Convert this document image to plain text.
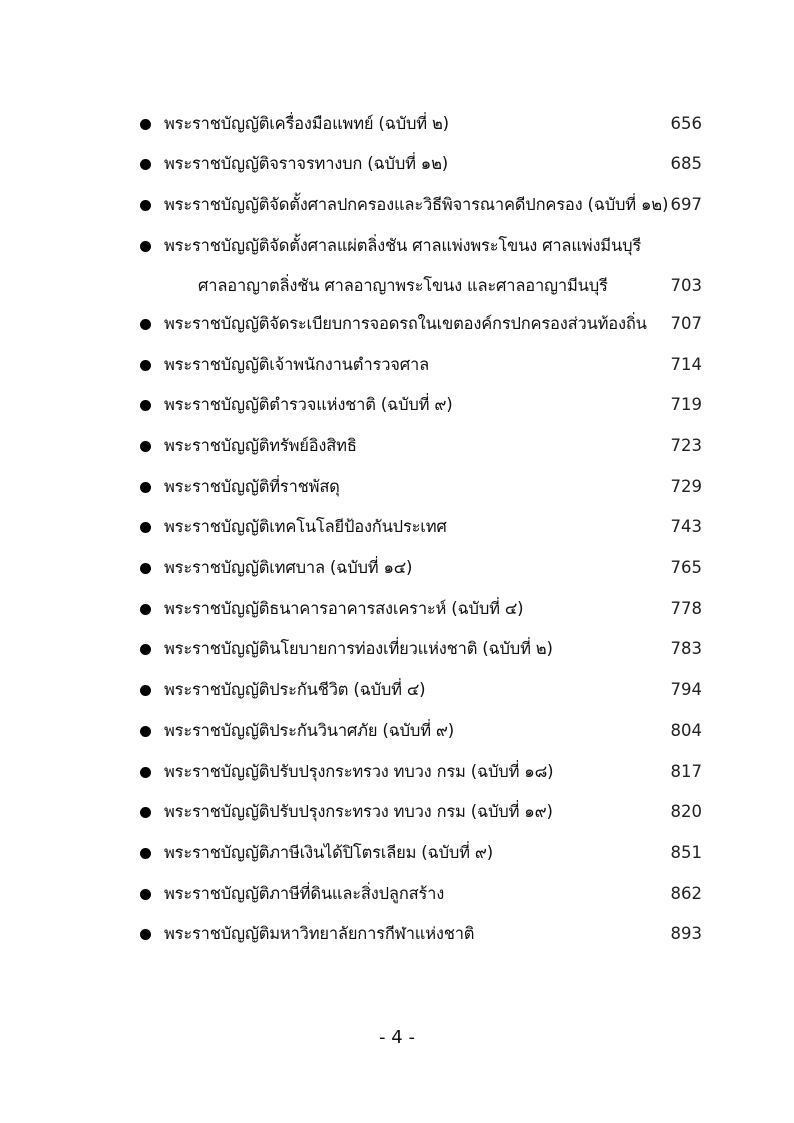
พระราชบัญญัติเครื่องมือแพทย์ (ฉบับที่ ๒)	656
พระราชบัญญัติจราจรทางบก (ฉบับที่ ๑๒)	685
พระราชบัญญัติจัดตั้งศาลปกครองและวิธีพิจารณาคดีปกครอง (ฉบับที่ ๑๒) 697
พระราชบัญญัติจัดตั้งศาลแผ่ตลิ่งชัน ศาลแพ่งพระโขนง ศาลแพ่งมีนบุรี
ศาลอาญาตลิ่งชัน ศาลอาญาพระโขนง และศาลอาญามีนบุรี	703
พระราชบัญญัติจัดระเบียบการจอดรถในเขตองค์กรปกครองส่วนท้องถิ่น 707
พระราชบัญญัติเจ้าพนักงานตำรวจศาล	714
พระราชบัญญัติตำรวจแห่งชาติ (ฉบับที่ ๙)	719
พระราชบัญญัติทรัพย์อิงสิทธิ	723
พระราชบัญญัติที่ราชพัสดุ	729
พระราชบัญญัติเทคโนโลยีป้องกันประเทศ	743
พระราชบัญญัติเทศบาล (ฉบับที่ ๑๔)	765
พระราชบัญญัติธนาคารอาคารสงเคราะห์ (ฉบับที่ ๔)	778
พระราชบัญญัตินโยบายการท่องเที่ยวแห่งชาติ (ฉบับที่ ๒)	783
พระราชบัญญัติประกันชีวิต (ฉบับที่ ๔)	794
พระราชบัญญัติประกันวินาศภัย (ฉบับที่ ๙)	804
พระราชบัญญัติปรับปรุงกระทรวง ทบวง กรม (ฉบับที่ ๑๘)	817
พระราชบัญญัติปรับปรุงกระทรวง ทบวง กรม (ฉบับที่ ๑๙)	820
พระราชบัญญัติภาษีเงินได้ปิโตรเลียม (ฉบับที่ ๙)	851
พระราชบัญญัติภาษีที่ดินและสิ่งปลูกสร้าง	862
พระราชบัญญัติมหาวิทยาลัยการกีฬาแห่งชาติ	893
- 4 -
